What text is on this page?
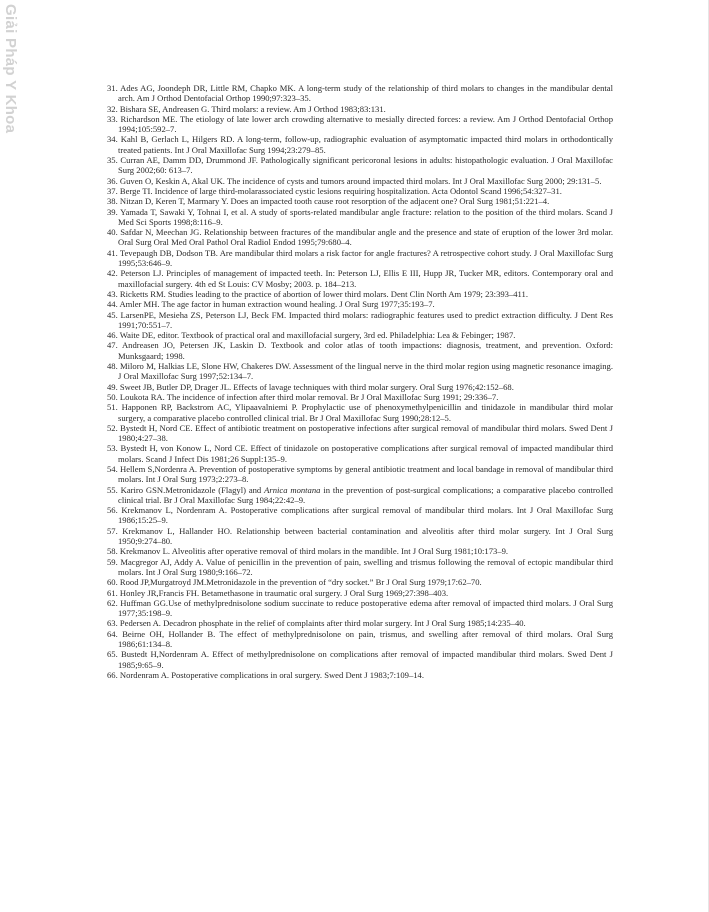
Giải Pháp Y Khoa	31. Ades AG, Joondeph DR, Little RM, Chapko MK. A long-term study of the relationship of third molars to changes in the mandibular dental arch. Am J Orthod Dentofacial Orthop 1990;97:323–35.
32. Bishara SE, Andreasen G. Third molars: a review. Am J Orthod 1983;83:131.
33. Richardson ME. The etiology of late lower arch crowding alternative to mesially directed forces: a review. Am J Orthod Dentofacial Orthop 1994;105:592–7.
34. Kahl B, Gerlach L, Hilgers RD. A long-term, follow-up, radiographic evaluation of asymptomatic impacted third molars in orthodontically treated patients. Int J Oral Maxillofac Surg 1994;23:279–85.
35. Curran AE, Damm DD, Drummond JF. Pathologically significant pericoronal lesions in adults: histopathologic evaluation. J Oral Maxillofac Surg 2002;60: 613–7.
36. Guven O, Keskin A, Akal UK. The incidence of cysts and tumors around impacted third molars. Int J Oral Maxillofac Surg 2000; 29:131–5.
37. Berge TI. Incidence of large third-molarassociated cystic lesions requiring hospitalization. Acta Odontol Scand 1996;54:327–31.
38. Nitzan D, Keren T, Marmary Y. Does an impacted tooth cause root resorption of the adjacent one? Oral Surg 1981;51:221–4.
39. Yamada T, Sawaki Y, Tohnai I, et al. A study of sports-related mandibular angle fracture: relation to the position of the third molars. Scand J Med Sci Sports 1998;8:116–9.
40. Safdar N, Meechan JG. Relationship between fractures of the mandibular angle and the presence and state of eruption of the lower 3rd molar. Oral Surg Oral Med Oral Pathol Oral Radiol Endod 1995;79:680–4.
41. Tevepaugh DB, Dodson TB. Are mandibular third molars a risk factor for angle fractures? A retrospective cohort study. J Oral Maxillofac Surg 1995;53:646–9.
42. Peterson LJ. Principles of management of impacted teeth. In: Peterson LJ, Ellis E III, Hupp JR, Tucker MR, editors. Contemporary oral and maxillofacial surgery. 4th ed St Louis: CV Mosby; 2003. p. 184–213.
43. Ricketts RM. Studies leading to the practice of abortion of lower third molars. Dent Clin North Am 1979; 23:393–411.
44. Amler MH. The age factor in human extraction wound healing. J Oral Surg 1977;35:193–7.
45. LarsenPE, Mesieha ZS, Peterson LJ, Beck FM. Impacted third molars: radiographic features used to predict extraction difficulty. J Dent Res 1991;70:551–7.
46. Waite DE, editor. Textbook of practical oral and maxillofacial surgery, 3rd ed. Philadelphia: Lea & Febinger; 1987.
47. Andreasen JO, Petersen JK, Laskin D. Textbook and color atlas of tooth impactions: diagnosis, treatment, and prevention. Oxford: Munksgaard; 1998.
48. Miloro M, Halkias LE, Slone HW, Chakeres DW. Assessment of the lingual nerve in the third molar region using magnetic resonance imaging. J Oral Maxillofac Surg 1997;52:134–7.
49. Sweet JB, Butler DP, Drager JL. Effects of lavage techniques with third molar surgery. Oral Surg 1976;42:152–68.
50. Loukota RA. The incidence of infection after third molar removal. Br J Oral Maxillofac Surg 1991; 29:336–7.
51. Happonen RP, Backstrom AC, Ylipaavalniemi P. Prophylactic use of phenoxymethylpenicillin and tinidazole in mandibular third molar surgery, a comparative placebo controlled clinical trial. Br J Oral Maxillofac Surg 1990;28:12–5.
52. Bystedt H, Nord CE. Effect of antibiotic treatment on postoperative infections after surgical removal of mandibular third molars. Swed Dent J 1980;4:27–38.
53. Bystedt H, von Konow L, Nord CE. Effect of tinidazole on postoperative complications after surgical removal of impacted mandibular third molars. Scand J Infect Dis 1981;26 Suppl:135–9.
54. Hellem S,Nordenra A. Prevention of postoperative symptoms by general antibiotic treatment and local bandage in removal of mandibular third molars. Int J Oral Surg 1973;2:273–8.
55. Kariro GSN.Metronidazole (Flagyl) and Arnica montana in the prevention of post-surgical complications; a comparative placebo controlled clinical trial. Br J Oral Maxillofac Surg 1984;22:42–9.
56. Krekmanov L, Nordenram A. Postoperative complications after surgical removal of mandibular third molars. Int J Oral Maxillofac Surg 1986;15:25–9.
57. Krekmanov L, Hallander HO. Relationship between bacterial contamination and alveolitis after third molar surgery. Int J Oral Surg 1950;9:274–80.
58. Krekmanov L. Alveolitis after operative removal of third molars in the mandible. Int J Oral Surg 1981;10:173–9.
59. Macgregor AJ, Addy A. Value of penicillin in the prevention of pain, swelling and trismus following the removal of ectopic mandibular third molars. Int J Oral Surg 1980;9:166–72.
60. Rood JP,Murgatroyd JM.Metronidazole in the prevention of “dry socket.” Br J Oral Surg 1979;17:62–70.
61. Honley JR,Francis FH. Betamethasone in traumatic oral surgery. J Oral Surg 1969;27:398–403.
62. Huffman GG.Use of methylprednisolone sodium succinate to reduce postoperative edema after removal of impacted third molars. J Oral Surg 1977;35:198–9.
63. Pedersen A. Decadron phosphate in the relief of complaints after third molar surgery. Int J Oral Surg 1985;14:235–40.
64. Beirne OH, Hollander B. The effect of methylprednisolone on pain, trismus, and swelling after removal of third molars. Oral Surg 1986;61:134–8.
65. Bustedt H,Nordenram A. Effect of methylprednisolone on complications after removal of impacted mandibular third molars. Swed Dent J 1985;9:65–9.
66. Nordenram A. Postoperative complications in oral surgery. Swed Dent J 1983;7:109–14.
